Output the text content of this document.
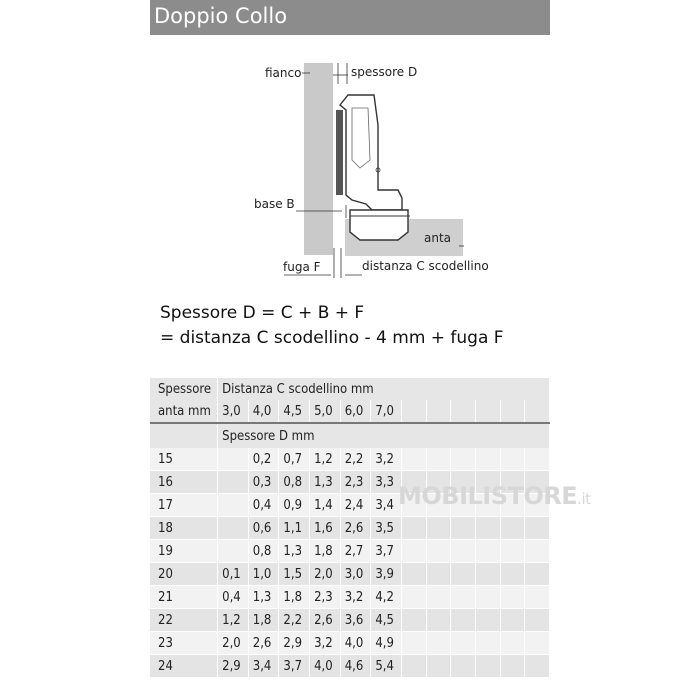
Doppio Collo
fianco	spessore D
base B
anta
fuga F	distanza C scodellino
Spessore D = C + B + F
= distanza C scodellino - 4 mm + fuga F
Spessore	Distanza C scodellino mm											
anta mm	3,0	4,0	4,5	5,0	6,0	7,0						
	Spessore D mm											
15		0,2	0,7	1,2	2,2	3,2						
16		0,3	0,8	1,3	2,3	3,3						
17		0,4	0,9	1,4	2,4	3,4						
18		0,6	1,1	1,6	2,6	3,5						
19		0,8	1,3	1,8	2,7	3,7						
20	0,1	1,0	1,5	2,0	3,0	3,9						
21	0,4	1,3	1,8	2,3	3,2	4,2						
22	1,2	1,8	2,2	2,6	3,6	4,5						
23	2,0	2,6	2,9	3,2	4,0	4,9						
24	2,9	3,4	3,7	4,0	4,6	5,4						
MOBILISTORE.it
